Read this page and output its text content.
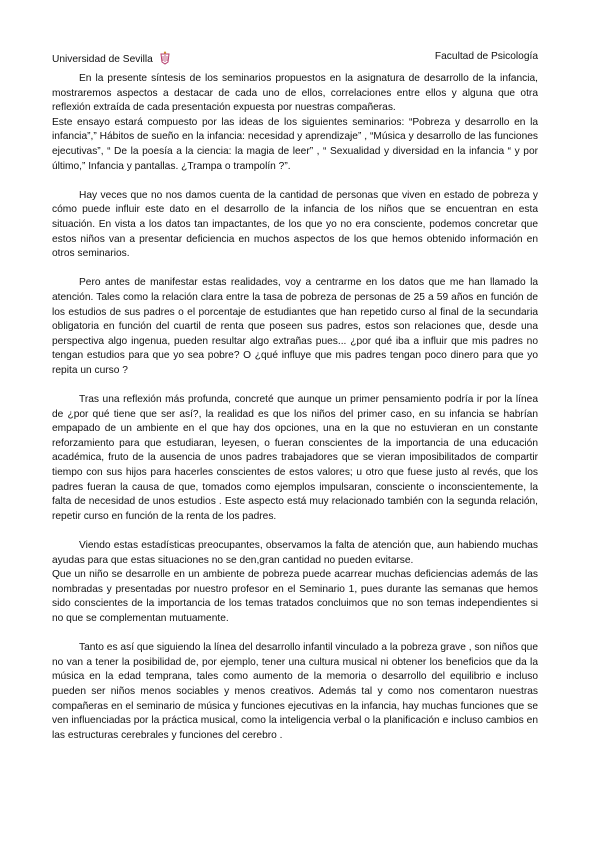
Universidad de Sevilla	Facultad de Psicología

En la presente síntesis de los seminarios propuestos en la asignatura de desarrollo de la infancia, mostraremos aspectos a destacar de cada uno de ellos, correlaciones entre ellos y alguna que otra reflexión extraída de cada presentación expuesta por nuestras compañeras.

Este ensayo estará compuesto por las ideas de los siguientes seminarios: “Pobreza y desarrollo en la infancia”,” Hábitos de sueño en la infancia: necesidad y aprendizaje” , “Música y desarrollo de las funciones ejecutivas”, “ De la poesía a la ciencia: la magia de leer” , “ Sexualidad y diversidad en la infancia “ y por último,” Infancia y pantallas. ¿Trampa o trampolín ?”.

Hay veces que no nos damos cuenta de la cantidad de personas que viven en estado de pobreza y cómo puede influir este dato en el desarrollo de la infancia de los niños que se encuentran en esta situación. En vista a los datos tan impactantes, de los que yo no era consciente, podemos concretar que estos niños van a presentar deficiencia en muchos aspectos de los que hemos obtenido información en otros seminarios.

Pero antes de manifestar estas realidades, voy a centrarme en los datos que me han llamado la atención. Tales como la relación clara entre la tasa de pobreza de personas de 25 a 59 años en función de los estudios de sus padres o el porcentaje de estudiantes que han repetido curso al final de la secundaria obligatoria en función del cuartil de renta que poseen sus padres, estos son relaciones que, desde una perspectiva algo ingenua, pueden resultar algo extrañas pues... ¿por qué iba a influir que mis padres no tengan estudios para que yo sea pobre? O ¿qué influye que mis padres tengan poco dinero para que yo repita un curso ?

Tras una reflexión más profunda, concreté que aunque un primer pensamiento podría ir por la línea de ¿por qué tiene que ser así?, la realidad es que los niños del primer caso, en su infancia se habrían empapado de un ambiente en el que hay dos opciones, una en la que no estuvieran en un constante reforzamiento para que estudiaran, leyesen, o fueran conscientes de la importancia de una educación académica, fruto de la ausencia de unos padres trabajadores que se vieran imposibilitados de compartir tiempo con sus hijos para hacerles conscientes de estos valores; u otro que fuese justo al revés, que los padres fueran la causa de que, tomados como ejemplos impulsaran, consciente o inconscientemente, la falta de necesidad de unos estudios . Este aspecto está muy relacionado también con la segunda relación, repetir curso en función de la renta de los padres.

Viendo estas estadísticas preocupantes, observamos la falta de atención que, aun habiendo muchas ayudas para que estas situaciones no se den,gran cantidad no pueden evitarse.

Que un niño se desarrolle en un ambiente de pobreza puede acarrear muchas deficiencias además de las nombradas y presentadas por nuestro profesor en el Seminario 1, pues durante las semanas que hemos sido conscientes de la importancia de los temas tratados concluimos que no son temas independientes si no que se complementan mutuamente.

Tanto es así que siguiendo la línea del desarrollo infantil vinculado a la pobreza grave , son niños que no van a tener la posibilidad de, por ejemplo, tener una cultura musical ni obtener los beneficios que da la música en la edad temprana, tales como aumento de la memoria o desarrollo del equilibrio e incluso pueden ser niños menos sociables y menos creativos. Además tal y como nos comentaron nuestras compañeras en el seminario de música y funciones ejecutivas en la infancia, hay muchas funciones que se ven influenciadas por la práctica musical, como la inteligencia verbal o la planificación e incluso cambios en las estructuras cerebrales y funciones del cerebro .
